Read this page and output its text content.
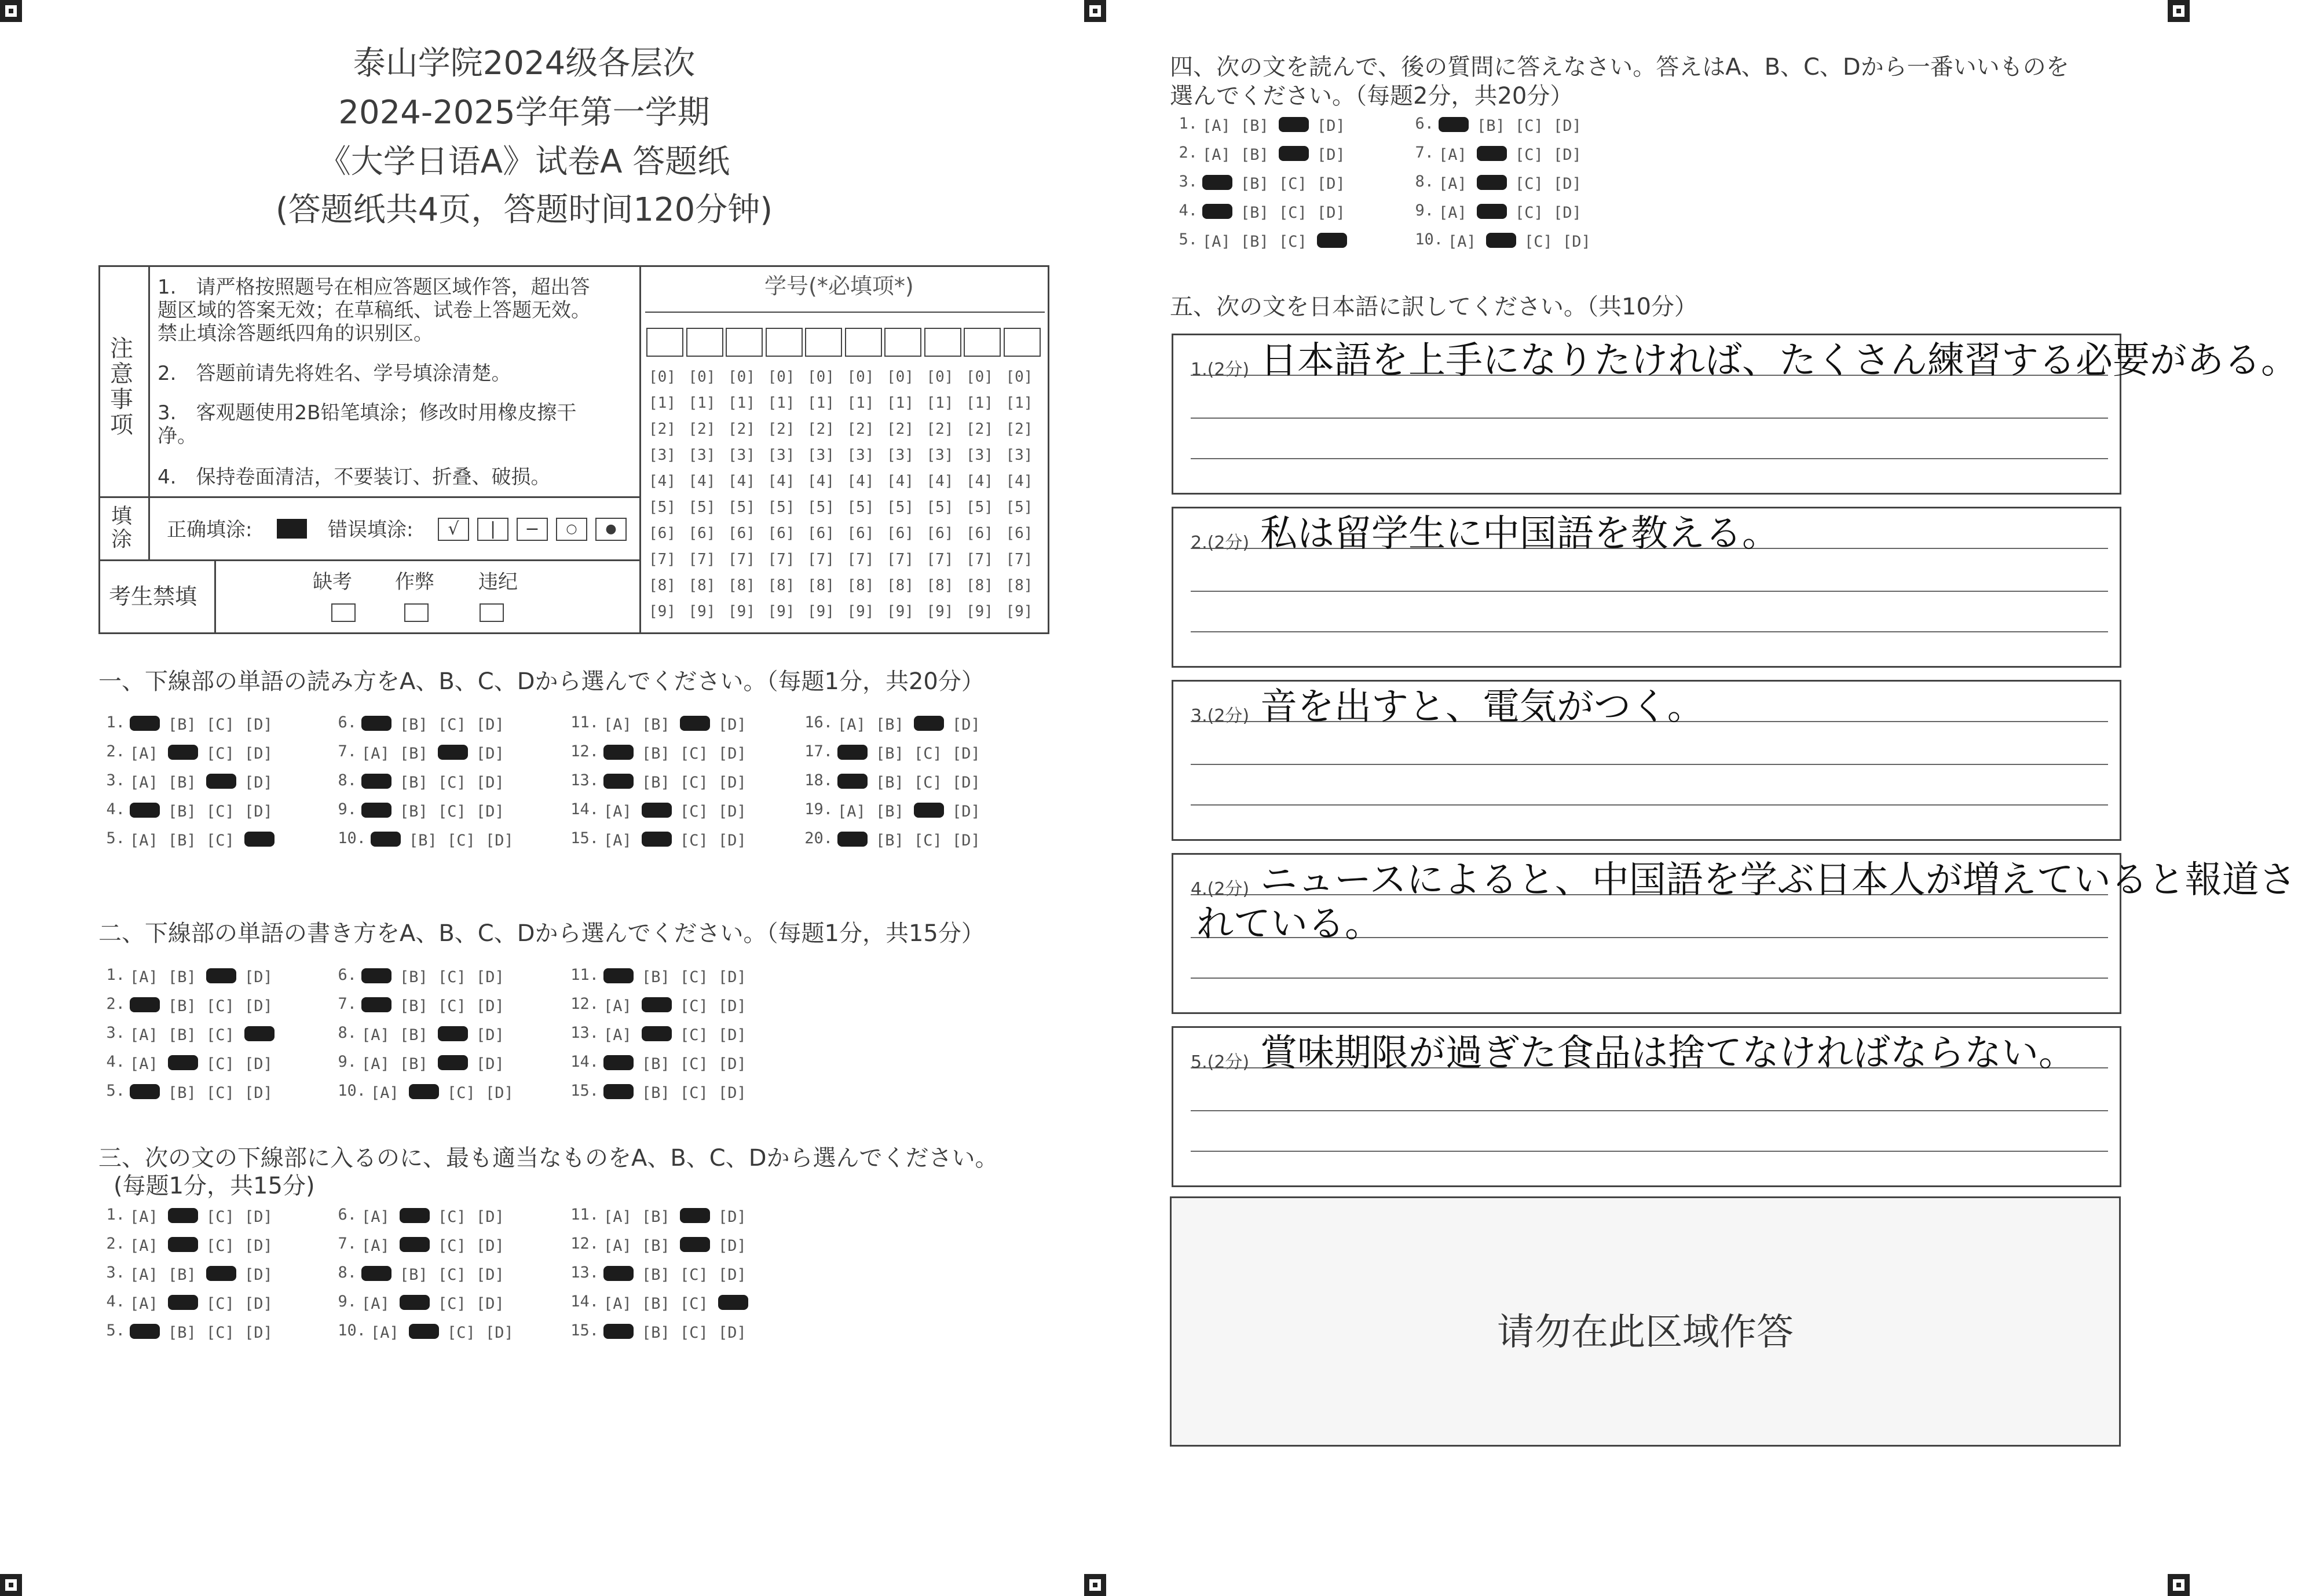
泰山学院2024级各层次
2024-2025学年第一学期
《大学日语A》试卷A 答题纸
(答题纸共4页，答题时间120分钟)
注意事项
1.　请严格按照题号在相应答题区域作答，超出答题区域的答案无效；在草稿纸、试卷上答题无效。禁止填涂答题纸四角的识别区。
2.　答题前请先将姓名、学号填涂清楚。
3.　客观题使用2B铅笔填涂；修改时用橡皮擦干净。
4.　保持卷面清洁，不要装订、折叠、破损。
填涂 正确填涂:	错误填涂:	√	|	−	○	●
考生禁填
缺考 作弊 违纪
学号(*必填项*)
[0] [0] [0] [0] [0] [0] [0] [0] [0] [0]
[1] [1] [1] [1] [1] [1] [1] [1] [1] [1]
[2] [2] [2] [2] [2] [2] [2] [2] [2] [2]
[3] [3] [3] [3] [3] [3] [3] [3] [3] [3]
[4] [4] [4] [4] [4] [4] [4] [4] [4] [4]
[5] [5] [5] [5] [5] [5] [5] [5] [5] [5]
[6] [6] [6] [6] [6] [6] [6] [6] [6] [6]
[7] [7] [7] [7] [7] [7] [7] [7] [7] [7]
[8] [8] [8] [8] [8] [8] [8] [8] [8] [8]
[9] [9] [9] [9] [9] [9] [9] [9] [9] [9]
一、下線部の単語の読み方をA、B、C、Dから選んでください。（每题1分，共20分）
1.	[B] [C] [D]
2. [A]	[C] [D]
3. [A] [B]	[D]
4.	[B] [C] [D]
5. [A] [B] [C]
6.	[B] [C] [D]
7. [A] [B]	[D]
8.	[B] [C] [D]
9.	[B] [C] [D]
10.	[B] [C] [D]
11. [A] [B]	[D]
12.	[B] [C] [D]
13.	[B] [C] [D]
14. [A]	[C] [D]
15. [A]	[C] [D]
16. [A] [B]	[D]
17.	[B] [C] [D]
18.	[B] [C] [D]
19. [A] [B]	[D]
20.	[B] [C] [D]
二、下線部の単語の書き方をA、B、C、Dから選んでください。（每题1分，共15分）
1. [A] [B]	[D]
2.	[B] [C] [D]
3. [A] [B] [C]
4. [A]	[C] [D]
5.	[B] [C] [D]
6.	[B] [C] [D]
7.	[B] [C] [D]
8. [A] [B]	[D]
9. [A] [B]	[D]
10. [A]	[C] [D]
11.	[B] [C] [D]
12. [A]	[C] [D]
13. [A]	[C] [D]
14.	[B] [C] [D]
15.	[B] [C] [D]
三、次の文の下線部に入るのに、最も適当なものをA、B、C、Dから選んでください。
(每题1分，共15分)
1. [A]	[C] [D]
2. [A]	[C] [D]
3. [A] [B]	[D]
4. [A]	[C] [D]
5.	[B] [C] [D]
6. [A]	[C] [D]
7. [A]	[C] [D]
8.	[B] [C] [D]
9. [A]	[C] [D]
10. [A]	[C] [D]
11. [A] [B]	[D]
12. [A] [B]	[D]
13.	[B] [C] [D]
14. [A] [B] [C]
15.	[B] [C] [D]
四、次の文を読んで、後の質問に答えなさい。答えはA、B、C、Dから一番いいものを
選んでください。（每题2分，共20分）
1. [A] [B]	[D]
2. [A] [B]	[D]
3.	[B] [C] [D]
4.	[B] [C] [D]
5. [A] [B] [C]
6.	[B] [C] [D]
7. [A]	[C] [D]
8. [A]	[C] [D]
9. [A]	[C] [D]
10. [A]	[C] [D]
五、次の文を日本語に訳してください。（共10分）
1.(2分) 日本語を上手になりたければ、たくさん練習する必要がある。
2.(2分) 私は留学生に中国語を教える。
3.(2分) 音を出すと、電気がつく。
4.(2分) ニュースによると、中国語を学ぶ日本人が増えていると報道さ
れている。
5.(2分) 賞味期限が過ぎた食品は捨てなければならない。
请勿在此区域作答
